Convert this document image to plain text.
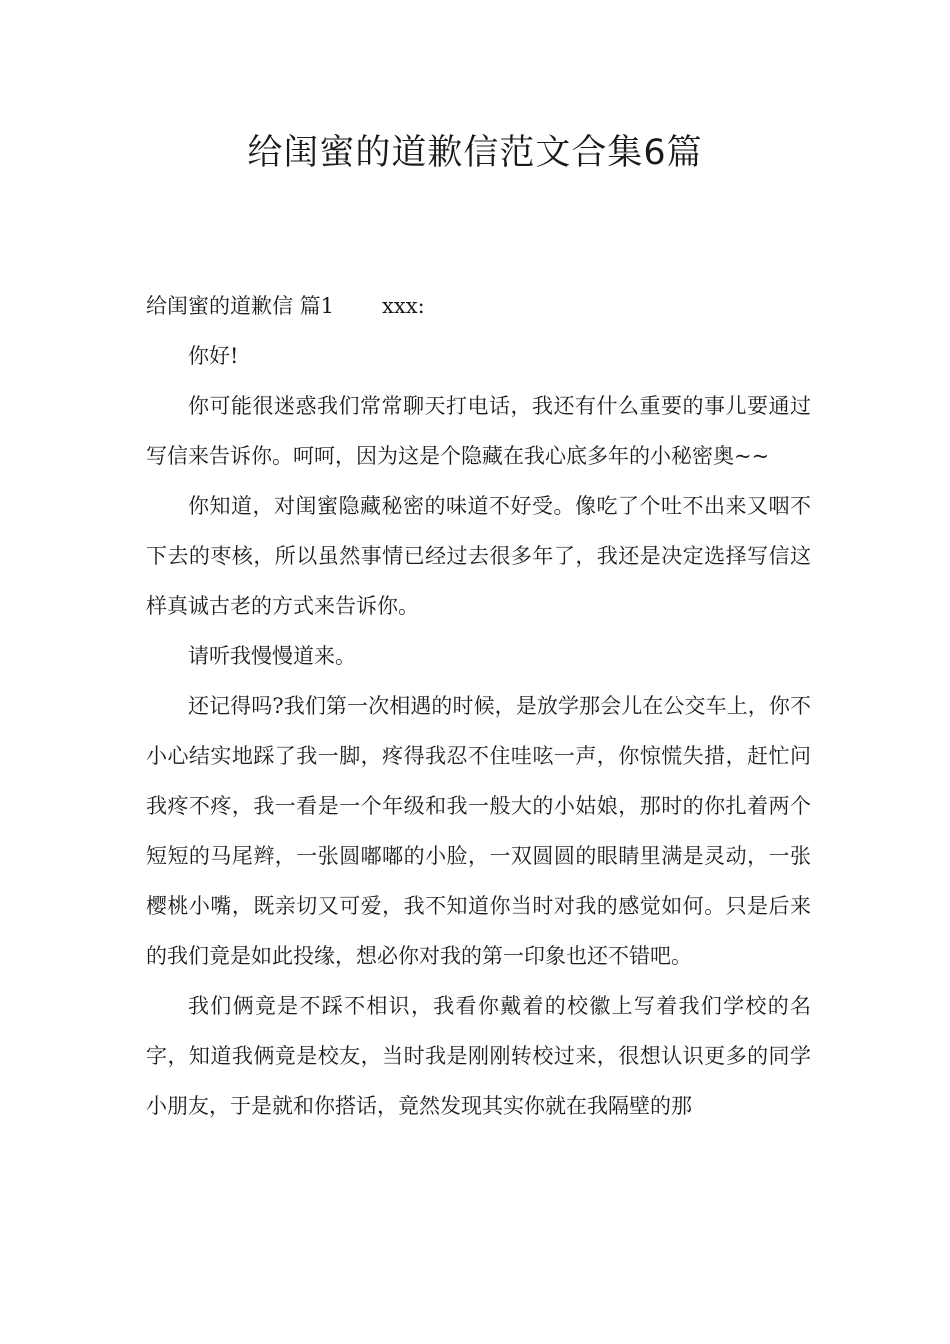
给闺蜜的道歉信范文合集6篇

给闺蜜的道歉信 篇1 xxx:

你好!

你可能很迷惑我们常常聊天打电话，我还有什么重要的事儿要通过写信来告诉你。呵呵，因为这是个隐藏在我心底多年的小秘密奥~~

你知道，对闺蜜隐藏秘密的味道不好受。像吃了个吐不出来又咽不下去的枣核，所以虽然事情已经过去很多年了，我还是决定选择写信这样真诚古老的方式来告诉你。

请听我慢慢道来。

还记得吗?我们第一次相遇的时候，是放学那会儿在公交车上，你不小心结实地踩了我一脚，疼得我忍不住哇呟一声，你惊慌失措，赶忙问我疼不疼，我一看是一个年级和我一般大的小姑娘，那时的你扎着两个短短的马尾辫，一张圆嘟嘟的小脸，一双圆圆的眼睛里满是灵动，一张樱桃小嘴，既亲切又可爱，我不知道你当时对我的感觉如何。只是后来的我们竟是如此投缘，想必你对我的第一印象也还不错吧。

我们俩竟是不踩不相识，我看你戴着的校徽上写着我们学校的名字，知道我俩竟是校友，当时我是刚刚转校过来，很想认识更多的同学小朋友，于是就和你搭话，竟然发现其实你就在我隔壁的那
